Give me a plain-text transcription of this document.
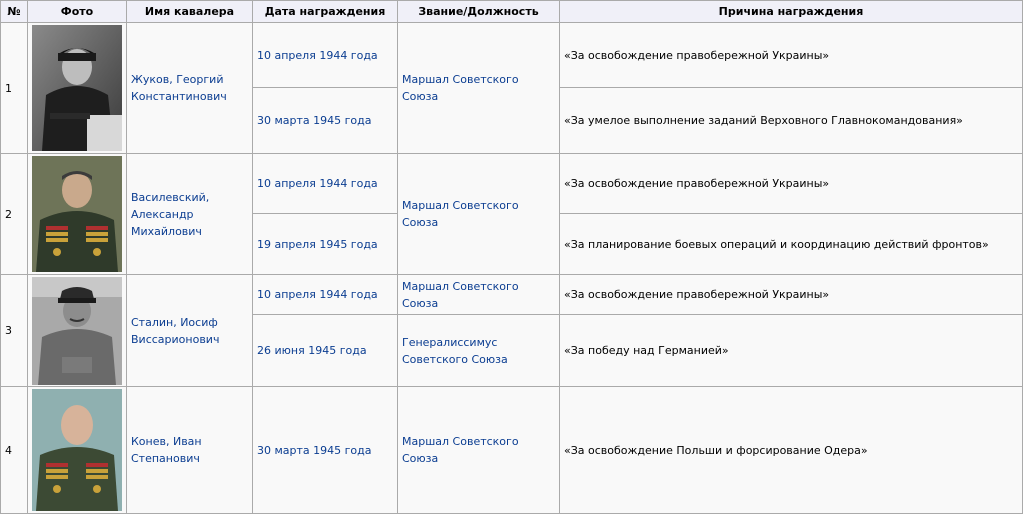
№	Фото	Имя кавалера	Дата награждения	Звание/Должность	Причина награждения
1		Жуков, Георгий Константинович	10 апреля 1944 года	Маршал Советского Союза	«За освобождение правобережной Украины»
			30 марта 1945 года		«За умелое выполнение заданий Верховного Главнокомандования»
2		Василевский, Александр Михайлович	10 апреля 1944 года	Маршал Советского Союза	«За освобождение правобережной Украины»
			19 апреля 1945 года		«За планирование боевых операций и координацию действий фронтов»
3		Сталин, Иосиф Виссарионович	10 апреля 1944 года	Маршал Советского Союза	«За освобождение правобережной Украины»
			26 июня 1945 года	Генералиссимус Советского Союза	«За победу над Германией»
4		Конев, Иван Степанович	30 марта 1945 года	Маршал Советского Союза	«За освобождение Польши и форсирование Одера»
